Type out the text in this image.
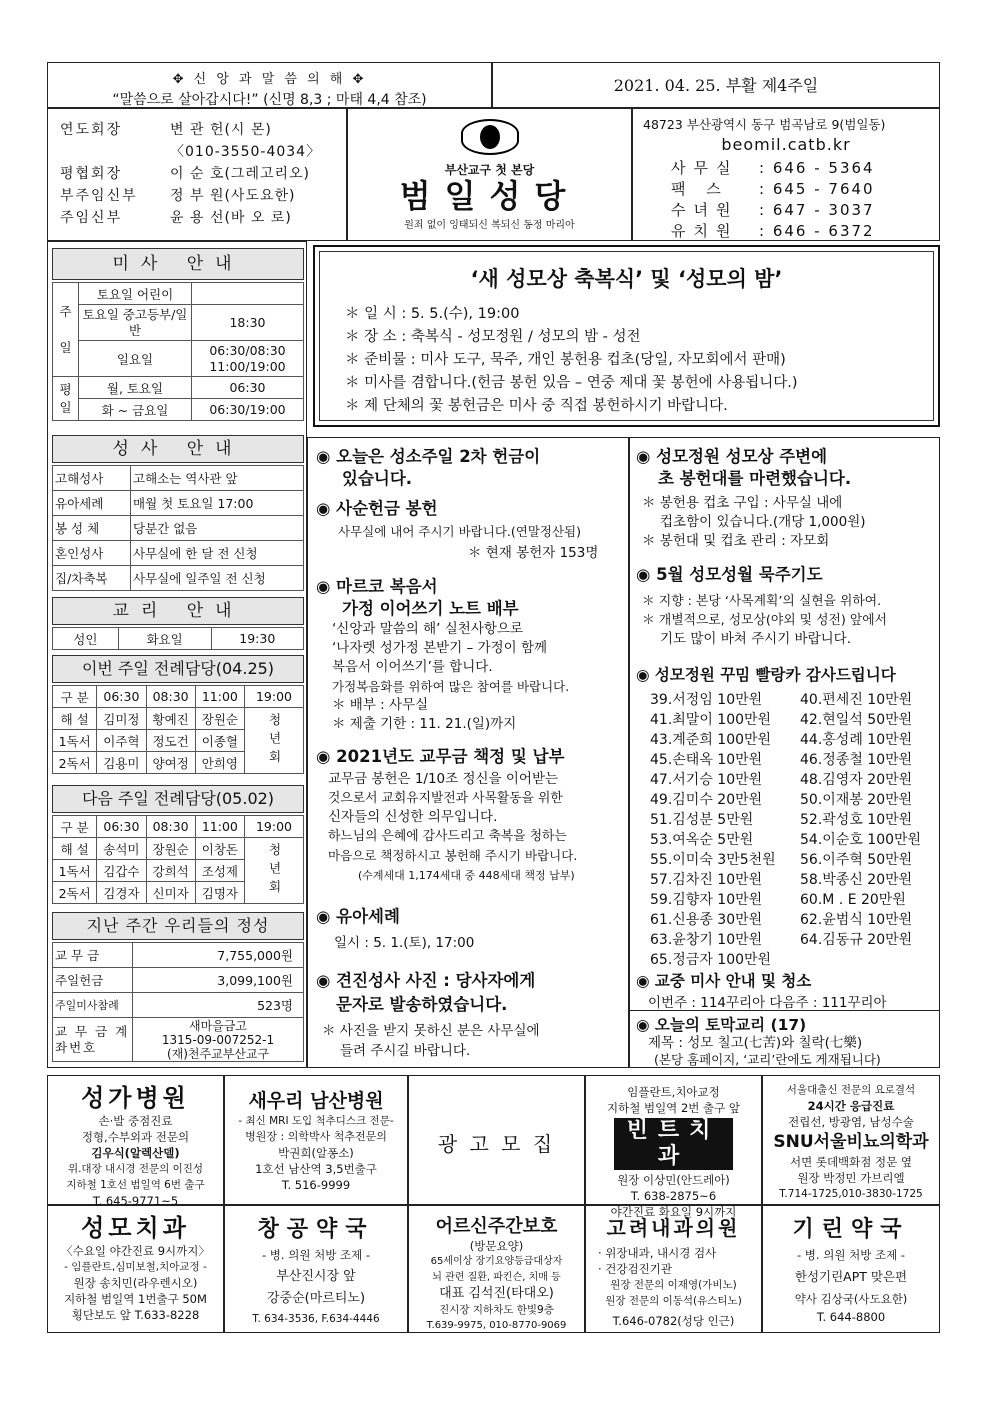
✥ 신 앙 과 말 씀 의 해 ✥
“말씀으로 살아갑시다!” (신명 8,3 ; 마태 4,4 참조)
2021. 04. 25. 부활 제4주일
연도회장	변 관 헌(시 몬)
〈010-3550-4034〉
평협회장	이 순 호(그레고리오)
부주임신부	정 부 원(사도요한)
주임신부	윤 용 선(바 오 로)
부산교구 첫 본당
범일성당
원죄 없이 잉태되신 복되신 동정 마리아
48723 부산광역시 동구 범곡남로 9(범일동)
beomil.catb.kr
사무실	: 646 - 5364
팩 스	: 645 - 7640
수녀원	: 647 - 3037
유치원	: 646 - 6372
미사 안내
주

일	토요일 어린이	
	토요일 중고등부/일반	18:30
	일요일	06:30/08:30
11:00/19:00
평
일	월, 토요일	06:30
	화 ~ 금요일	06:30/19:00
성사 안내
고해성사	고해소는 역사관 앞
유아세례	매월 첫 토요일 17:00
봉 성 체	당분간 없음
혼인성사	사무실에 한 달 전 신청
집/차축복	사무실에 일주일 전 신청
교리 안내
성인	화요일	19:30
이번 주일 전례담당(04.25)
구 분	06:30	08:30	11:00	19:00
해 설	김미정	황예진	장원순	청년회
1독서	이주혁	정도건	이종혈	
2독서	김용미	양여정	안희영	
다음 주일 전례담당(05.02)
구 분	06:30	08:30	11:00	19:00
해 설	송석미	장원순	이창돈	청년회
1독서	김갑수	강희석	조성제	
2독서	김경자	신미자	김명자	
지난 주간 우리들의 정성
교 무 금	7,755,000원
주일헌금	3,099,100원
주일미사참례	523명
교 무 금 계좌번호	새마을금고
1315-09-007252-1
(재)천주교부산교구
‘새 성모상 축복식’ 및 ‘성모의 밤’
＊ 일 시 : 5. 5.(수), 19:00
＊ 장 소 : 축복식 - 성모정원 / 성모의 밤 - 성전
＊ 준비물 : 미사 도구, 묵주, 개인 봉헌용 컵초(당일, 자모회에서 판매)
＊ 미사를 겸합니다.(헌금 봉헌 있음 – 연중 제대 꽃 봉헌에 사용됩니다.)
＊ 제 단체의 꽃 봉헌금은 미사 중 직접 봉헌하시기 바랍니다.
◉ 오늘은 성소주일 2차 헌금이
있습니다.
◉ 사순헌금 봉헌
사무실에 내어 주시기 바랍니다.(연말정산됨)
＊ 현재 봉헌자 153명
◉ 마르코 복음서
가정 이어쓰기 노트 배부
‘신앙과 말씀의 해’ 실천사항으로
‘나자렛 성가정 본받기 – 가정이 함께
복음서 이어쓰기’를 합니다.
가정복음화를 위하여 많은 참여를 바랍니다.
＊ 배부 : 사무실
＊ 제출 기한 : 11. 21.(일)까지
◉ 2021년도 교무금 책정 및 납부
교무금 봉헌은 1/10조 정신을 이어받는
것으로서 교회유지발전과 사목활동을 위한
신자들의 신성한 의무입니다.
하느님의 은혜에 감사드리고 축복을 청하는
마음으로 책정하시고 봉헌해 주시기 바랍니다.
(수계세대 1,174세대 중 448세대 책정 납부)
◉ 유아세례
일시 : 5. 1.(토), 17:00
◉ 견진성사 사진 : 당사자에게
문자로 발송하였습니다.
＊ 사진을 받지 못하신 분은 사무실에
들려 주시길 바랍니다.
◉ 성모정원 성모상 주변에
초 봉헌대를 마련했습니다.
＊ 봉헌용 컵초 구입 : 사무실 내에
컵초함이 있습니다.(개당 1,000원)
＊ 봉헌대 및 컵초 관리 : 자모회
◉ 5월 성모성월 묵주기도
＊ 지향 : 본당 ‘사목계획’의 실현을 위하여.
＊ 개별적으로, 성모상(야외 및 성전) 앞에서
기도 많이 바쳐 주시기 바랍니다.
◉ 성모정원 꾸밈 빨랑카 감사드립니다
39.서정임 10만원	40.편세진 10만원
41.최말이 100만원	42.현일석 50만원
43.계준희 100만원	44.홍성례 10만원
45.손태옥 10만원	46.정종철 10만원
47.서기승 10만원	48.김영자 20만원
49.김미수 20만원	50.이재봉 20만원
51.김성분 5만원	52.곽성호 10만원
53.여옥순 5만원	54.이순호 100만원
55.이미숙 3만5천원	56.이주혁 50만원
57.김차진 10만원	58.박종신 20만원
59.김향자 10만원	60.M . E 20만원
61.신용종 30만원	62.윤범식 10만원
63.윤창기 10만원	64.김동규 20만원
65.정금자 100만원
◉ 교중 미사 안내 및 청소
이번주 : 114꾸리아 다음주 : 111꾸리아
◉ 오늘의 토막교리 (17)
제목 : 성모 칠고(七苦)와 칠락(七樂)
(본당 홈페이지, ‘교리’란에도 게재됩니다)
성가병원
손·발 중점진료
정형,수부외과 전문의
김우식(알렉산델)
위.대장 내시경 전문의 이진성
지하철 1호선 범일역 6번 출구
T. 645-9771~5
새우리 남산병원
- 최신 MRI 도입 척추디스크 전문-
병원장 : 의학박사 척추전문의
박권희(알퐁소)
1호선 남산역 3,5번출구
T. 516-9999
광 고 모 집
임플란트,치아교정
지하철 범일역 2번 출구 앞
빈트치과
원장 이상민(안드레아)
T. 638-2875~6
야간진료 화요일 9시까지
서울대출신 전문의 요로결석
24시간 응급진료
전립선, 방광염, 남성수술
SNU서울비뇨의학과
서면 롯데백화점 정문 옆
원장 박정민 가브리엘
T.714-1725,010-3830-1725
성모치과
〈수요일 야간진료 9시까지〉
- 임플란트,심미보철,치아교정 -
원장 송치민(라우렌시오)
지하철 범일역 1번출구 50M
횡단보도 앞 T.633-8228
창공약국
- 병. 의원 처방 조제 -
부산진시장 앞
강중순(마르티노)
T. 634-3536, F.634-4446
어르신주간보호
(방문요양)
65세이상 장기요양등급대상자
뇌 관련 질환, 파킨슨, 치매 등
대표 김석진(타대오)
진시장 지하차도 한빛9층
T.639-9975, 010-8770-9069
고려내과의원
· 위장내과, 내시경 검사
· 건강검진기관
원장 전문의 이재영(가비노)
원장 전문의 이동석(유스티노)
T.646-0782(성당 인근)
기린약국
- 병. 의원 처방 조제 -
한성기린APT 맞은편
약사 김상국(사도요한)
T. 644-8800
